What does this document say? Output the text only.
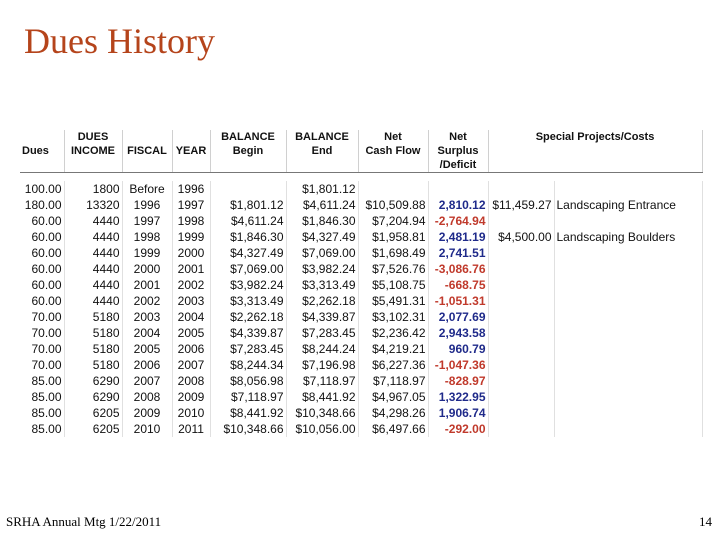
Dues History
	DUES			BALANCE	BALANCE	Net	Net	Special Projects/Costs	
Dues	INCOME	FISCAL	YEAR	Begin	End	Cash Flow	Surplus		
							/Deficit		

100.00	1800	Before	1996		$1,801.12				
180.00	13320	1996	1997	$1,801.12	$4,611.24	$10,509.88	2,810.12	$11,459.27	Landscaping Entrance
60.00	4440	1997	1998	$4,611.24	$1,846.30	$7,204.94	-2,764.94		
60.00	4440	1998	1999	$1,846.30	$4,327.49	$1,958.81	2,481.19	$4,500.00	Landscaping Boulders
60.00	4440	1999	2000	$4,327.49	$7,069.00	$1,698.49	2,741.51		
60.00	4440	2000	2001	$7,069.00	$3,982.24	$7,526.76	-3,086.76		
60.00	4440	2001	2002	$3,982.24	$3,313.49	$5,108.75	-668.75		
60.00	4440	2002	2003	$3,313.49	$2,262.18	$5,491.31	-1,051.31		
70.00	5180	2003	2004	$2,262.18	$4,339.87	$3,102.31	2,077.69		
70.00	5180	2004	2005	$4,339.87	$7,283.45	$2,236.42	2,943.58		
70.00	5180	2005	2006	$7,283.45	$8,244.24	$4,219.21	960.79		
70.00	5180	2006	2007	$8,244.34	$7,196.98	$6,227.36	-1,047.36		
85.00	6290	2007	2008	$8,056.98	$7,118.97	$7,118.97	-828.97		
85.00	6290	2008	2009	$7,118.97	$8,441.92	$4,967.05	1,322.95		
85.00	6205	2009	2010	$8,441.92	$10,348.66	$4,298.26	1,906.74		
85.00	6205	2010	2011	$10,348.66	$10,056.00	$6,497.66	-292.00		
SRHA Annual Mtg 1/22/2011	14
